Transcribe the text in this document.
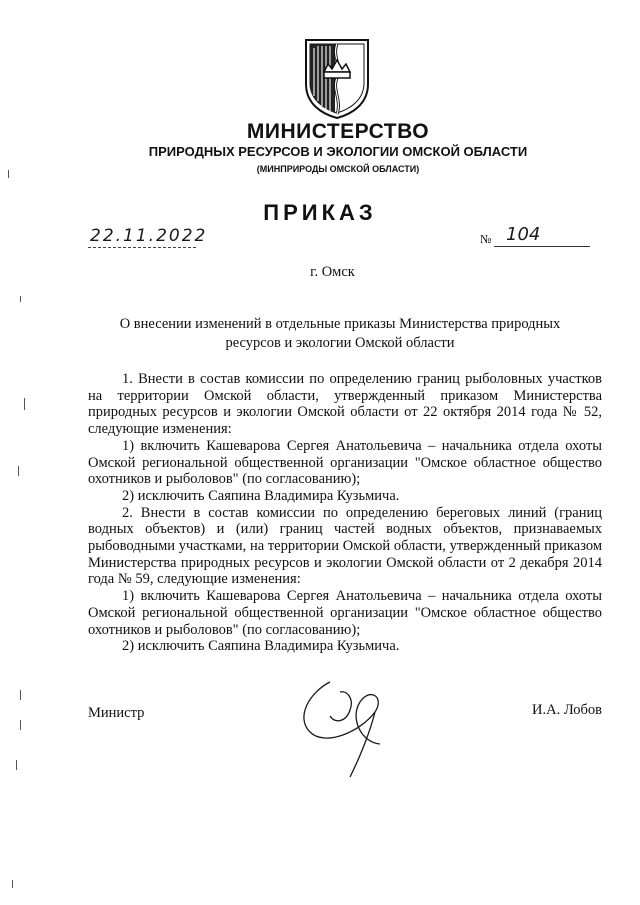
МИНИСТЕРСТВО
ПРИРОДНЫХ РЕСУРСОВ И ЭКОЛОГИИ ОМСКОЙ ОБЛАСТИ
(МИНПРИРОДЫ ОМСКОЙ ОБЛАСТИ)
ПРИКАЗ
22.11.2022	№ 104
г. Омск
О внесении изменений в отдельные приказы Министерства природных
ресурсов и экологии Омской области

1. Внести в состав комиссии по определению границ рыболовных участков на территории Омской области, утвержденный приказом Министерства природных ресурсов и экологии Омской области от 22 октября 2014 года № 52, следующие изменения:

1) включить Кашеварова Сергея Анатольевича – начальника отдела охоты Омской региональной общественной организации "Омское областное общество охотников и рыболовов" (по согласованию);

2) исключить Саяпина Владимира Кузьмича.

2. Внести в состав комиссии по определению береговых линий (границ водных объектов) и (или) границ частей водных объектов, признаваемых рыбоводными участками, на территории Омской области, утвержденный приказом Министерства природных ресурсов и экологии Омской области от 2 декабря 2014 года № 59, следующие изменения:

1) включить Кашеварова Сергея Анатольевича – начальника отдела охоты Омской региональной общественной организации "Омское областное общество охотников и рыболовов" (по согласованию);

2) исключить Саяпина Владимира Кузьмича.

Министр	И.А. Лобов
